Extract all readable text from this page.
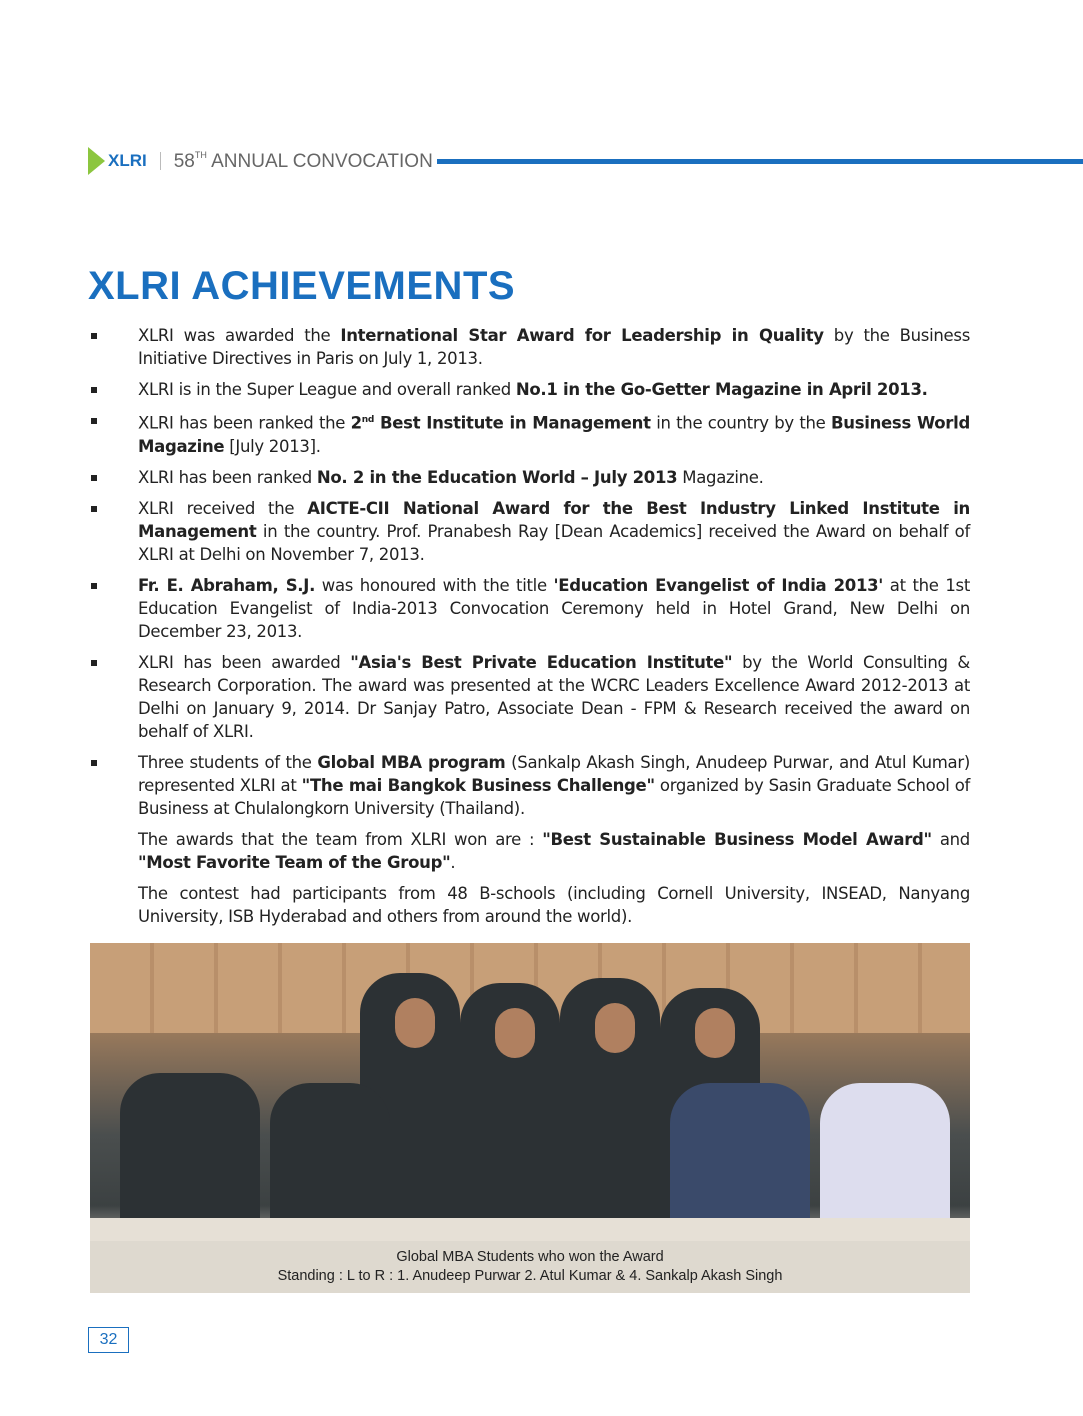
XLRI 58TH ANNUAL CONVOCATION
XLRI ACHIEVEMENTS
XLRI was awarded the International Star Award for Leadership in Quality by the Business Initiative Directives in Paris on July 1, 2013.
XLRI is in the Super League and overall ranked No.1 in the Go-Getter Magazine in April 2013.
XLRI has been ranked the 2nd Best Institute in Management in the country by the Business World Magazine [July 2013].
XLRI has been ranked No. 2 in the Education World – July 2013 Magazine.
XLRI received the AICTE-CII National Award for the Best Industry Linked Institute in Management in the country. Prof. Pranabesh Ray [Dean Academics] received the Award on behalf of XLRI at Delhi on November 7, 2013.
Fr. E. Abraham, S.J. was honoured with the title 'Education Evangelist of India 2013' at the 1st Education Evangelist of India-2013 Convocation Ceremony held in Hotel Grand, New Delhi on December 23, 2013.
XLRI has been awarded "Asia's Best Private Education Institute" by the World Consulting & Research Corporation. The award was presented at the WCRC Leaders Excellence Award 2012-2013 at Delhi on January 9, 2014. Dr Sanjay Patro, Associate Dean - FPM & Research received the award on behalf of XLRI.
Three students of the Global MBA program (Sankalp Akash Singh, Anudeep Purwar, and Atul Kumar) represented XLRI at "The mai Bangkok Business Challenge" organized by Sasin Graduate School of Business at Chulalongkorn University (Thailand).
The awards that the team from XLRI won are : "Best Sustainable Business Model Award" and "Most Favorite Team of the Group".
The contest had participants from 48 B-schools (including Cornell University, INSEAD, Nanyang University, ISB Hyderabad and others from around the world).
Global MBA Students who won the Award
Standing : L to R : 1. Anudeep Purwar 2. Atul Kumar & 4. Sankalp Akash Singh
32
